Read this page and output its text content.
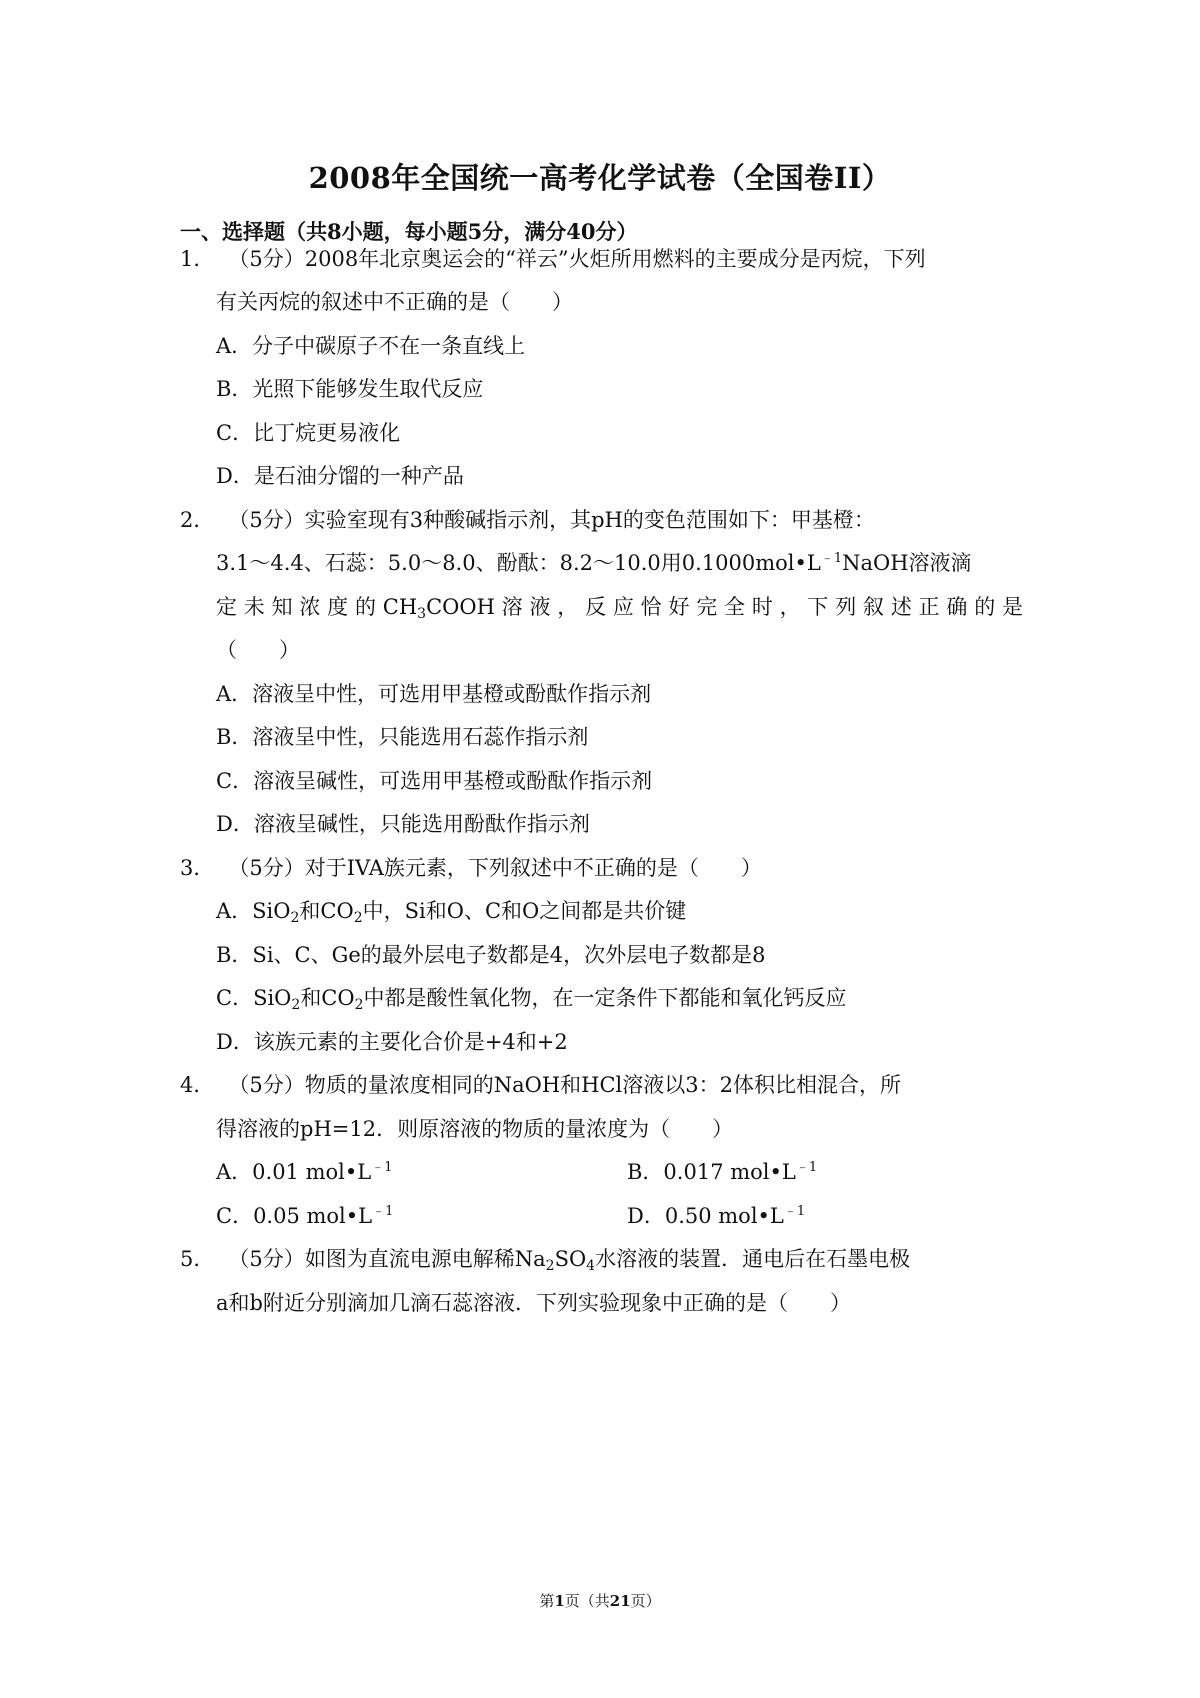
2008年全国统一高考化学试卷（全国卷II）
一、选择题（共8小题，每小题5分，满分40分）
1． （5分）2008年北京奥运会的“祥云”火炬所用燃料的主要成分是丙烷，下列
有关丙烷的叙述中不正确的是（　　）
A．分子中碳原子不在一条直线上
B．光照下能够发生取代反应
C．比丁烷更易液化
D．是石油分馏的一种产品
2． （5分）实验室现有3种酸碱指示剂，其pH的变色范围如下：甲基橙：
3.1～4.4、石蕊：5.0～8.0、酚酞：8.2～10.0用$0.1000mol•L^{﹣1}NaOH$溶液滴
定未知浓度的$CH_3COOH$溶液，反应恰好完全时，下列叙述正确的是
（　　）
A．溶液呈中性，可选用甲基橙或酚酞作指示剂
B．溶液呈中性，只能选用石蕊作指示剂
C．溶液呈碱性，可选用甲基橙或酚酞作指示剂
D．溶液呈碱性，只能选用酚酞作指示剂
3． （5分）对于IVA族元素，下列叙述中不正确的是（　　）
A．SiO$_2$和$CO_2$中，Si和O、C和O之间都是共价键
B．Si、C、Ge的最外层电子数都是4，次外层电子数都是8
C．SiO$_2$和$CO_2$中都是酸性氧化物，在一定条件下都能和氧化钙反应
D．该族元素的主要化合价是+4和+2
4． （5分）物质的量浓度相同的NaOH和HCl溶液以3：2体积比相混合，所
得溶液的pH=12．则原溶液的物质的量浓度为（　　）
A．0.01 $mol•L^{﹣1}$	B．0.017 $mol•L^{﹣1}$
C．0.05 $mol•L^{﹣1}$	D．0.50 $mol•L^{﹣1}$
5． （5分）如图为直流电源电解稀$Na_2SO_4$水溶液的装置．通电后在石墨电极
a和b附近分别滴加几滴石蕊溶液．下列实验现象中正确的是（　　）
第1页（共21页）
